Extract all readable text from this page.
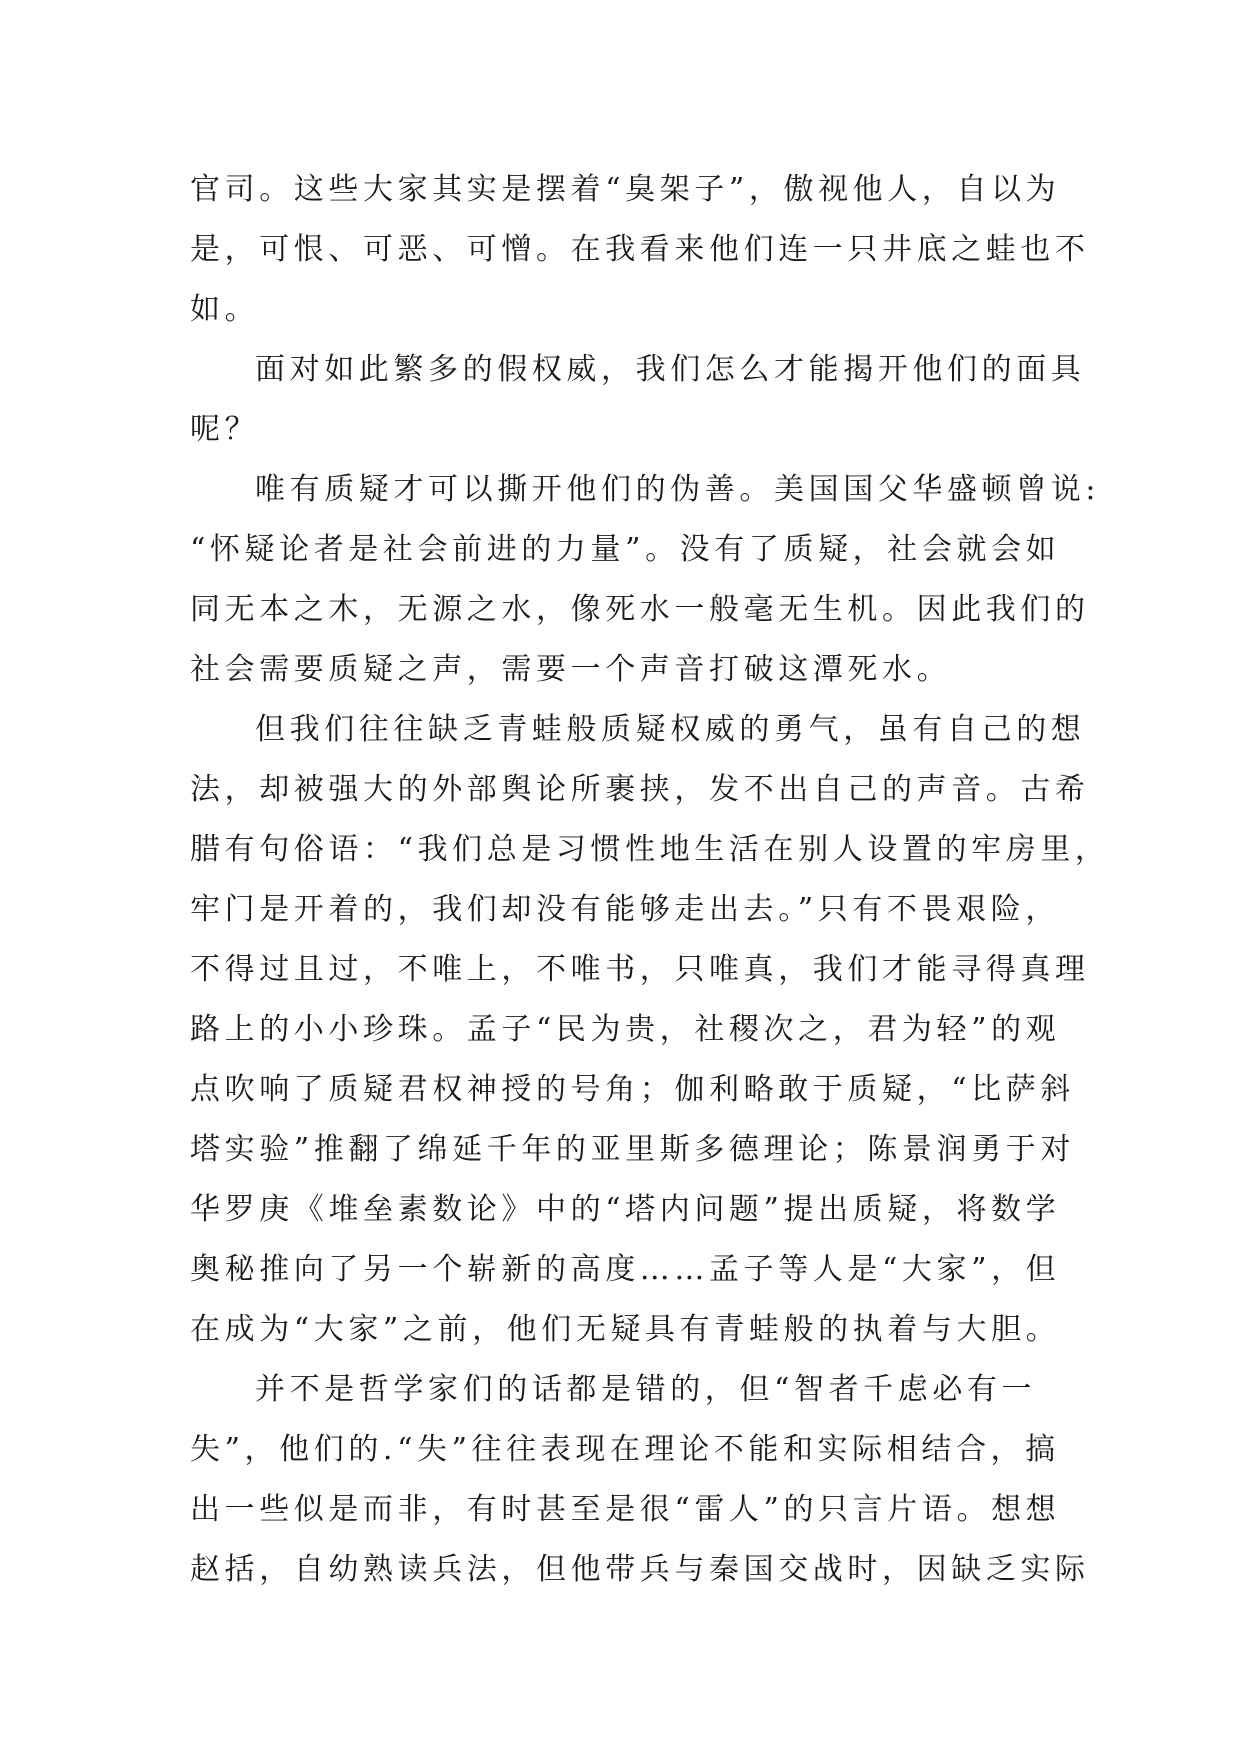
官司。这些大家其实是摆着“臭架子”，傲视他人，自以为
是，可恨、可恶、可憎。在我看来他们连一只井底之蛙也不
如。
面对如此繁多的假权威，我们怎么才能揭开他们的面具
呢？
唯有质疑才可以撕开他们的伪善。美国国父华盛顿曾说:
“怀疑论者是社会前进的力量”。没有了质疑，社会就会如
同无本之木，无源之水，像死水一般毫无生机。因此我们的
社会需要质疑之声，需要一个声音打破这潭死水。
但我们往往缺乏青蛙般质疑权威的勇气，虽有自己的想
法，却被强大的外部舆论所裹挟，发不出自己的声音。古希
腊有句俗语：“我们总是习惯性地生活在别人设置的牢房里，
牢门是开着的，我们却没有能够走出去。”只有不畏艰险，
不得过且过，不唯上，不唯书，只唯真，我们才能寻得真理
路上的小小珍珠。孟子“民为贵，社稷次之，君为轻”的观
点吹响了质疑君权神授的号角；伽利略敢于质疑，“比萨斜
塔实验”推翻了绵延千年的亚里斯多德理论；陈景润勇于对
华罗庚《堆垒素数论》中的“塔内问题”提出质疑，将数学
奥秘推向了另一个崭新的高度……孟子等人是“大家”，但
在成为“大家”之前，他们无疑具有青蛙般的执着与大胆。
并不是哲学家们的话都是错的，但“智者千虑必有一
失”，他们的.“失”往往表现在理论不能和实际相结合，搞
出一些似是而非，有时甚至是很“雷人”的只言片语。想想
赵括，自幼熟读兵法，但他带兵与秦国交战时，因缺乏实际
